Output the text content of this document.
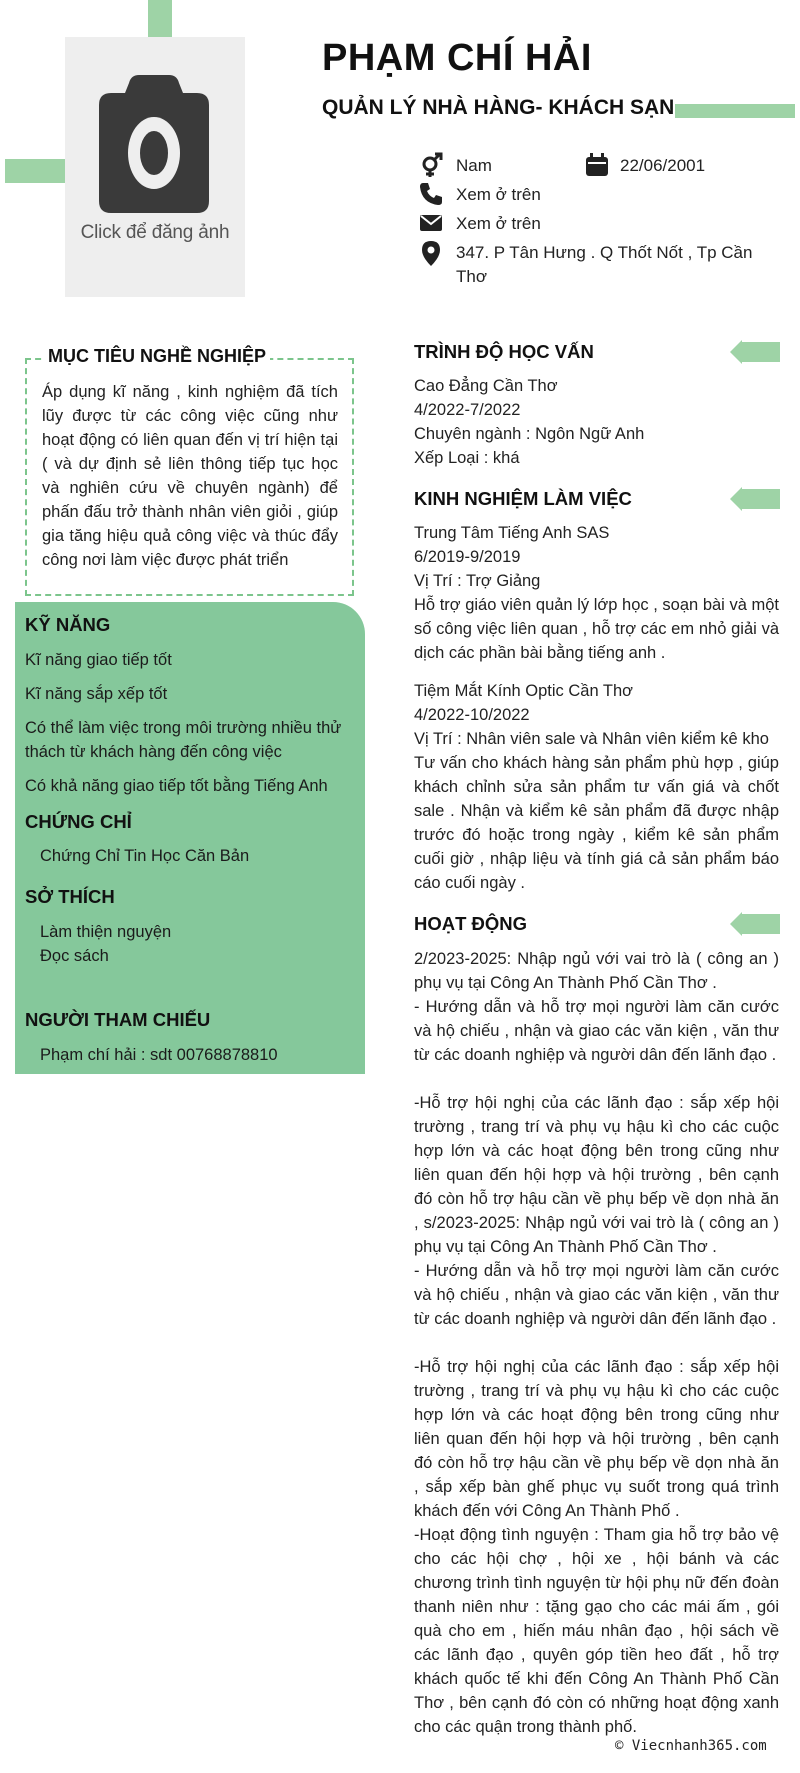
Click để đăng ảnh
PHẠM CHÍ HẢI
QUẢN LÝ NHÀ HÀNG- KHÁCH SẠN
Nam	22/06/2001
Xem ở trên
Xem ở trên
347. P Tân Hưng . Q Thốt Nốt , Tp Cần
Thơ
MỤC TIÊU NGHỀ NGHIỆP
Áp dụng kĩ năng , kinh nghiệm đã tích lũy được từ các công việc cũng như hoạt động có liên quan đến vị trí hiện tại ( và dự định sẻ liên thông tiếp tục học và nghiên cứu về chuyên ngành) để phấn đấu trở thành nhân viên giỏi , giúp gia tăng hiệu quả công việc và thúc đẩy công nơi làm việc được phát triển
KỸ NĂNG
Kĩ năng giao tiếp tốt
Kĩ năng sắp xếp tốt
Có thể làm việc trong môi trường nhiều thử thách từ khách hàng đến công việc
Có khả năng giao tiếp tốt bằng Tiếng Anh
CHỨNG CHỈ
Chứng Chỉ Tin Học Căn Bản
SỞ THÍCH
Làm thiện nguyện
Đọc sách
NGƯỜI THAM CHIẾU
Phạm chí hải : sdt 00768878810
TRÌNH ĐỘ HỌC VẤN
Cao Đẳng Cần Thơ
4/2022-7/2022
Chuyên ngành : Ngôn Ngữ Anh
Xếp Loại : khá
KINH NGHIỆM LÀM VIỆC
Trung Tâm Tiếng Anh SAS
6/2019-9/2019
Vị Trí : Trợ Giảng
Hỗ trợ giáo viên quản lý lớp học , soạn bài và một số công việc liên quan , hỗ trợ các em nhỏ giải và dịch các phần bài bằng tiếng anh .
Tiệm Mắt Kính Optic Cần Thơ
4/2022-10/2022
Vị Trí : Nhân viên sale và Nhân viên kiểm kê kho
Tư vấn cho khách hàng sản phẩm phù hợp , giúp khách chỉnh sửa sản phẩm tư vấn giá và chốt sale . Nhận và kiểm kê sản phẩm đã được nhập trước đó hoặc trong ngày , kiểm kê sản phẩm cuối giờ , nhập liệu và tính giá cả sản phẩm báo cáo cuối ngày .
HOẠT ĐỘNG
2/2023-2025: Nhập ngủ với vai trò là ( công an ) phụ vụ tại Công An Thành Phố Cần Thơ .
- Hướng dẫn và hỗ trợ mọi người làm căn cước và hộ chiếu , nhận và giao các văn kiện , văn thư từ các doanh nghiệp và người dân đến lãnh đạo .
-Hỗ trợ hội nghị của các lãnh đạo : sắp xếp hội trường , trang trí và phụ vụ hậu kì cho các cuộc hợp lớn và các hoạt động bên trong cũng như liên quan đến hội hợp và hội trường , bên cạnh đó còn hỗ trợ hậu cần về phụ bếp về dọn nhà ăn , s/2023-2025: Nhập ngủ với vai trò là ( công an ) phụ vụ tại Công An Thành Phố Cần Thơ .
- Hướng dẫn và hỗ trợ mọi người làm căn cước và hộ chiếu , nhận và giao các văn kiện , văn thư từ các doanh nghiệp và người dân đến lãnh đạo .
-Hỗ trợ hội nghị của các lãnh đạo : sắp xếp hội trường , trang trí và phụ vụ hậu kì cho các cuộc hợp lớn và các hoạt động bên trong cũng như liên quan đến hội hợp và hội trường , bên cạnh đó còn hỗ trợ hậu cần về phụ bếp về dọn nhà ăn , sắp xếp bàn ghế phục vụ suốt trong quá trình khách đến với Công An Thành Phố .
-Hoạt động tình nguyện : Tham gia hỗ trợ bảo vệ cho các hội chợ , hội xe , hội bánh và các chương trình tình nguyện từ hội phụ nữ đến đoàn thanh niên như : tặng gạo cho các mái ấm , gói quà cho em , hiến máu nhân đạo , hội sách về các lãnh đạo , quyên góp tiền heo đất , hỗ trợ khách quốc tế khi đến Công An Thành Phố Cần Thơ , bên cạnh đó còn có những hoạt động xanh cho các quận trong thành phố.
© Viecnhanh365.com
